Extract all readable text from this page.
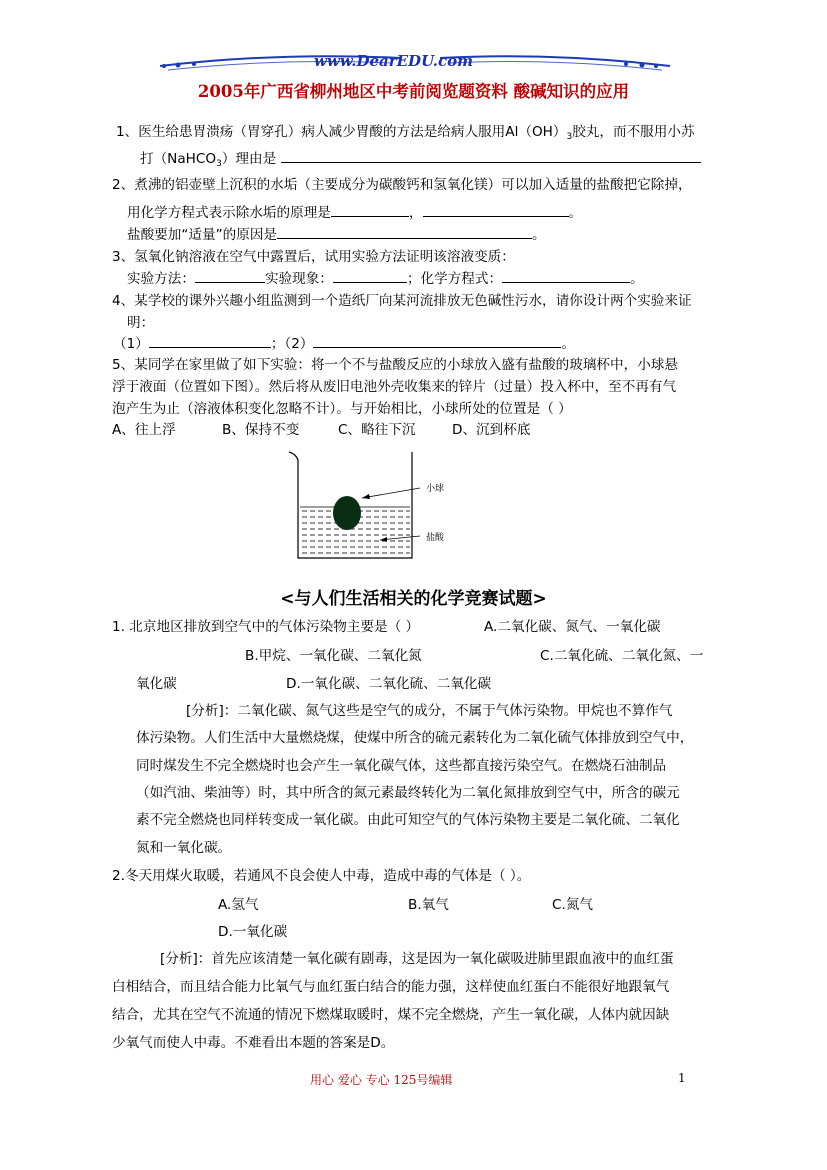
www.DearEDU.com
2005年广西省柳州地区中考前阅览题资料 酸碱知识的应用
1、医生给患胃溃疡（胃穿孔）病人减少胃酸的方法是给病人服用$Al(OH)_3$胶丸，而不服用小苏
打（NaHCO$_3$）理由是
2、煮沸的铝壶壁上沉积的水垢（主要成分为碳酸钙和氢氧化镁）可以加入适量的盐酸把它除掉，
用化学方程式表示除水垢的原理是	，	。
盐酸要加“适量”的原因是	。
3、氢氧化钠溶液在空气中露置后，试用实验方法证明该溶液变质：
实验方法：	实验现象：	；化学方程式：	。
4、某学校的课外兴趣小组监测到一个造纸厂向某河流排放无色碱性污水，请你设计两个实验来证
明：
（1）	；（2）	。
5、某同学在家里做了如下实验：将一个不与盐酸反应的小球放入盛有盐酸的玻璃杯中，小球悬
浮于液面（位置如下图）。然后将从废旧电池外壳收集来的锌片（过量）投入杯中，至不再有气
泡产生为止（溶液体积变化忽略不计）。与开始相比，小球所处的位置是（ ）
A、往上浮	B、保持不变	C、略往下沉	D、沉到杯底
小球
盐酸
<与人们生活相关的化学竞赛试题>
1. 北京地区排放到空气中的气体污染物主要是（ ）	A.二氧化碳、氮气、一氧化碳
B.甲烷、一氧化碳、二氧化氮	C.二氧化硫、二氧化氮、一
氧化碳	D.一氧化碳、二氧化硫、二氧化碳
[分析]：二氧化碳、氮气这些是空气的成分，不属于气体污染物。甲烷也不算作气
体污染物。人们生活中大量燃烧煤，使煤中所含的硫元素转化为二氧化硫气体排放到空气中，
同时煤发生不完全燃烧时也会产生一氧化碳气体，这些都直接污染空气。在燃烧石油制品
（如汽油、柴油等）时，其中所含的氮元素最终转化为二氧化氮排放到空气中，所含的碳元
素不完全燃烧也同样转变成一氧化碳。由此可知空气的气体污染物主要是二氧化硫、二氧化
氮和一氧化碳。
2.冬天用煤火取暖，若通风不良会使人中毒，造成中毒的气体是（ ）。
A.氢气	B.氧气	C.氮气
D.一氧化碳
[分析]：首先应该清楚一氧化碳有剧毒，这是因为一氧化碳吸进肺里跟血液中的血红蛋
白相结合，而且结合能力比氧气与血红蛋白结合的能力强，这样使血红蛋白不能很好地跟氧气
结合，尤其在空气不流通的情况下燃煤取暖时，煤不完全燃烧，产生一氧化碳，人体内就因缺
少氧气而使人中毒。不难看出本题的答案是D。
用心 爱心 专心 125号编辑	1
